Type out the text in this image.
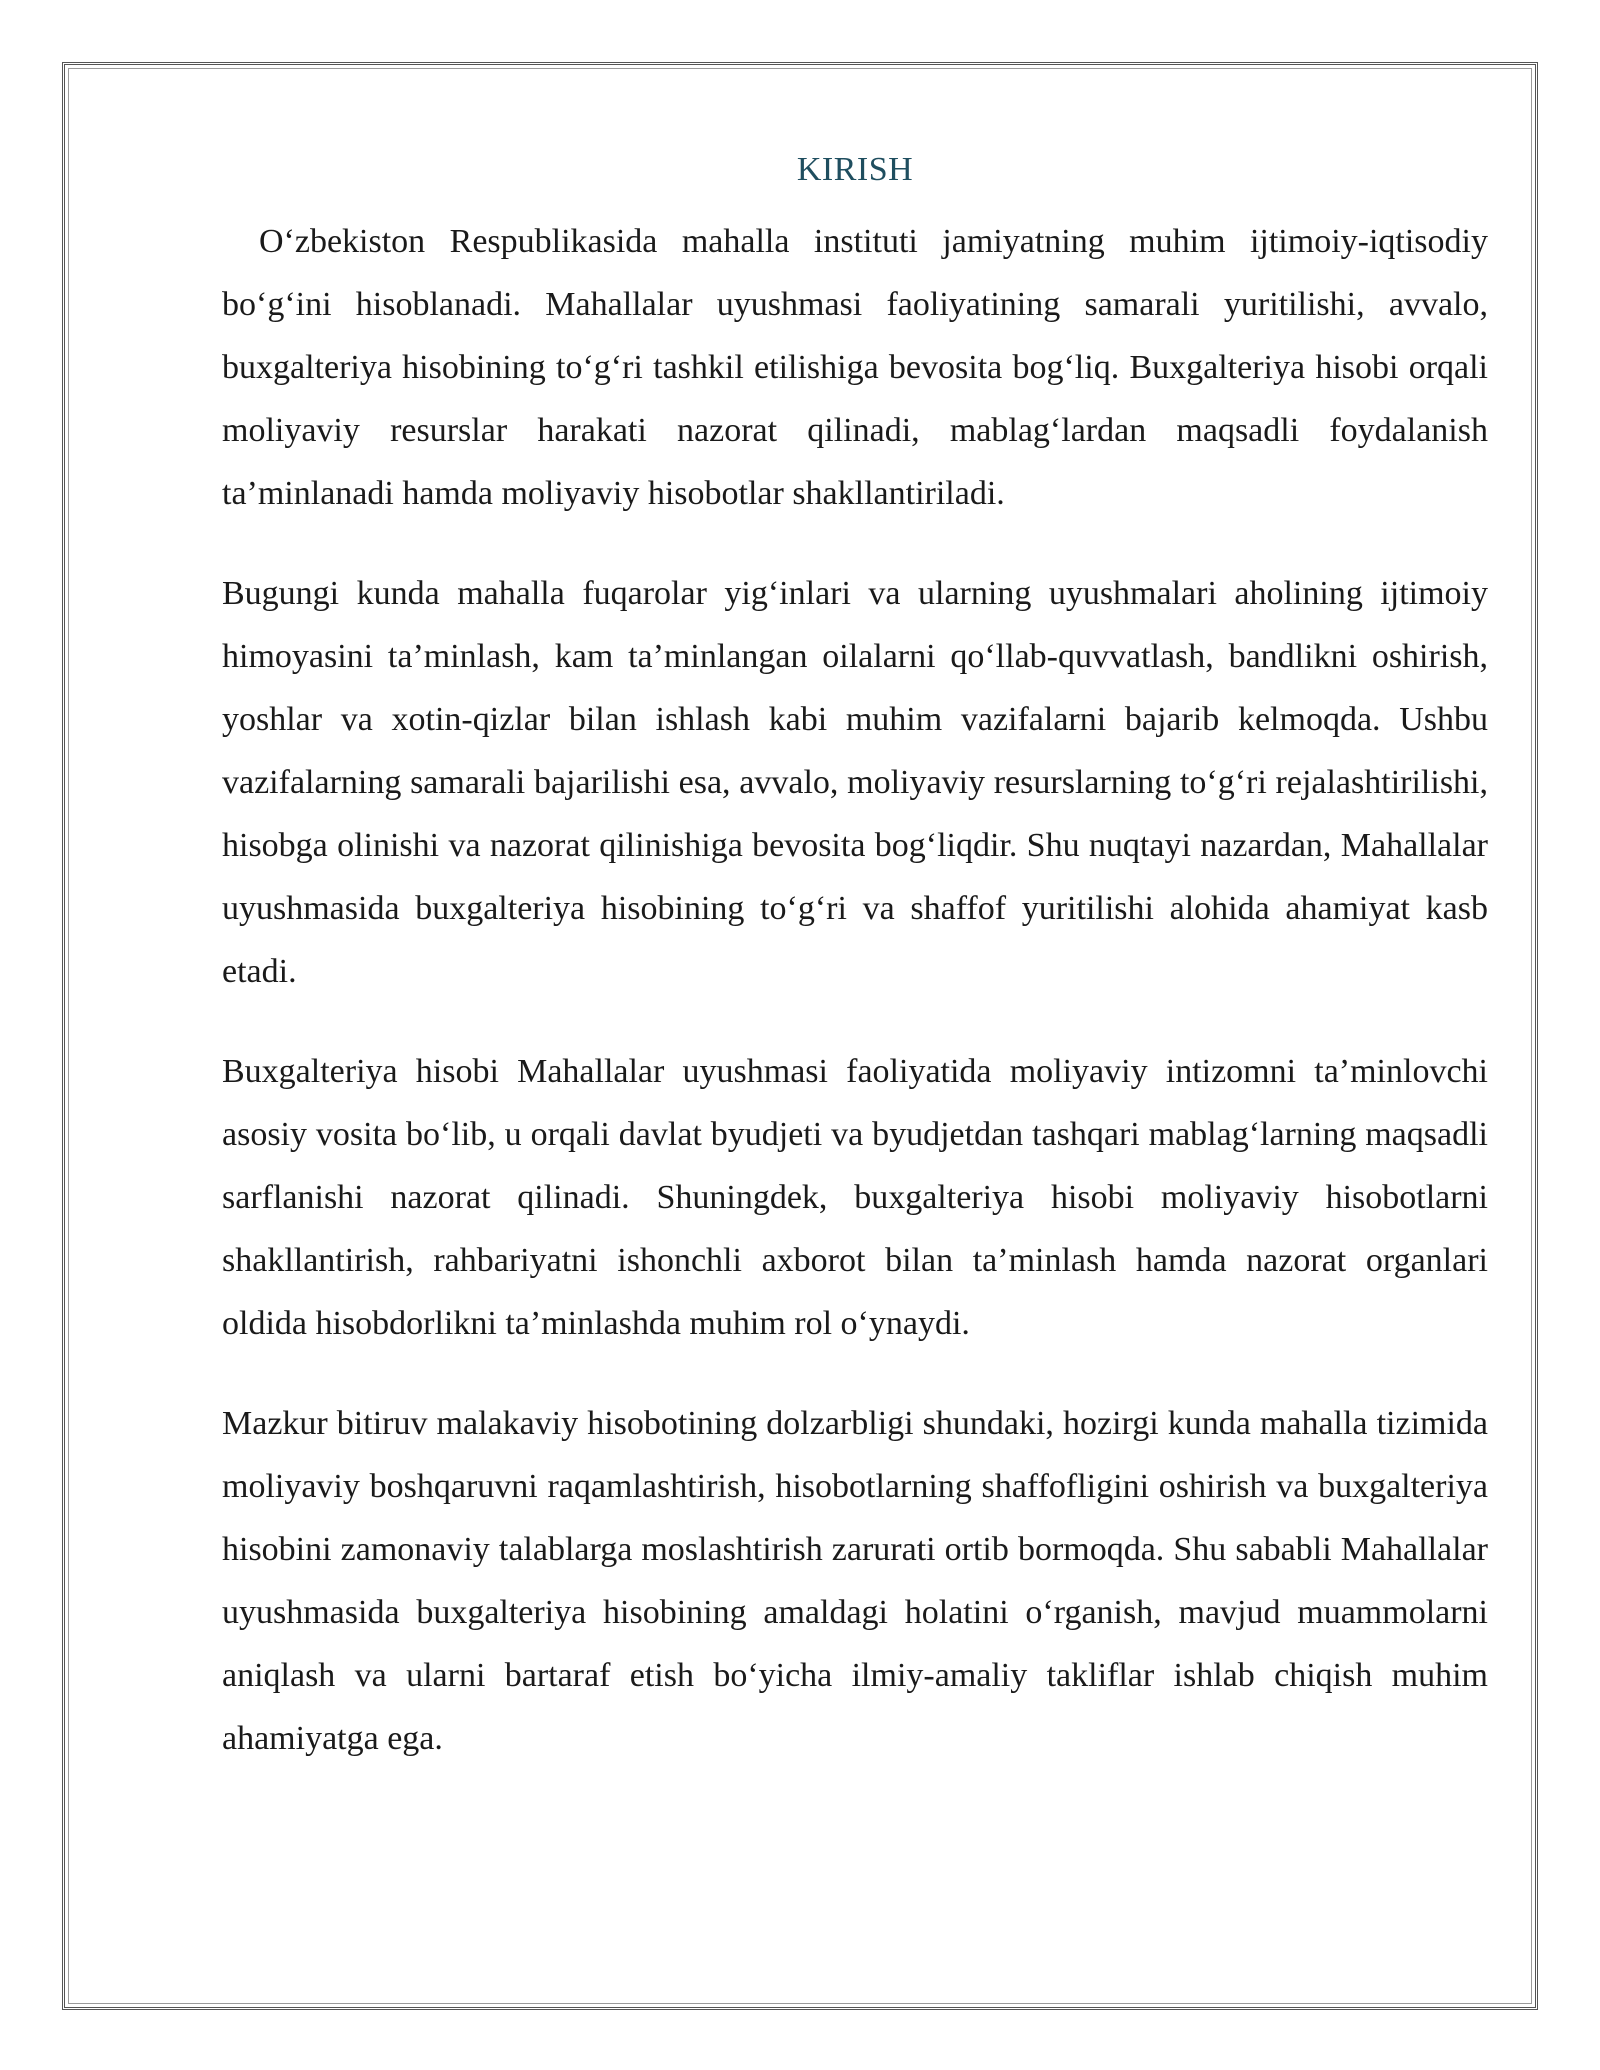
KIRISH

O‘zbekiston Respublikasida mahalla instituti jamiyatning muhim ijtimoiy-iqtisodiy bo‘g‘ini hisoblanadi. Mahallalar uyushmasi faoliyatining samarali yuritilishi, avvalo, buxgalteriya hisobining to‘g‘ri tashkil etilishiga bevosita bog‘liq. Buxgalteriya hisobi orqali moliyaviy resurslar harakati nazorat qilinadi, mablag‘lardan maqsadli foydalanish ta’minlanadi hamda moliyaviy hisobotlar shakllantiriladi.

Bugungi kunda mahalla fuqarolar yig‘inlari va ularning uyushmalari aholining ijtimoiy himoyasini ta’minlash, kam ta’minlangan oilalarni qo‘llab-quvvatlash, bandlikni oshirish, yoshlar va xotin-qizlar bilan ishlash kabi muhim vazifalarni bajarib kelmoqda. Ushbu vazifalarning samarali bajarilishi esa, avvalo, moliyaviy resurslarning to‘g‘ri rejalashtirilishi, hisobga olinishi va nazorat qilinishiga bevosita bog‘liqdir. Shu nuqtayi nazardan, Mahallalar uyushmasida buxgalteriya hisobining to‘g‘ri va shaffof yuritilishi alohida ahamiyat kasb etadi.

Buxgalteriya hisobi Mahallalar uyushmasi faoliyatida moliyaviy intizomni ta’minlovchi asosiy vosita bo‘lib, u orqali davlat byudjeti va byudjetdan tashqari mablag‘larning maqsadli sarflanishi nazorat qilinadi. Shuningdek, buxgalteriya hisobi moliyaviy hisobotlarni shakllantirish, rahbariyatni ishonchli axborot bilan ta’minlash hamda nazorat organlari oldida hisobdorlikni ta’minlashda muhim rol o‘ynaydi.

Mazkur bitiruv malakaviy hisobotining dolzarbligi shundaki, hozirgi kunda mahalla tizimida moliyaviy boshqaruvni raqamlashtirish, hisobotlarning shaffofligini oshirish va buxgalteriya hisobini zamonaviy talablarga moslashtirish zarurati ortib bormoqda. Shu sababli Mahallalar uyushmasida buxgalteriya hisobining amaldagi holatini o‘rganish, mavjud muammolarni aniqlash va ularni bartaraf etish bo‘yicha ilmiy-amaliy takliflar ishlab chiqish muhim ahamiyatga ega.
